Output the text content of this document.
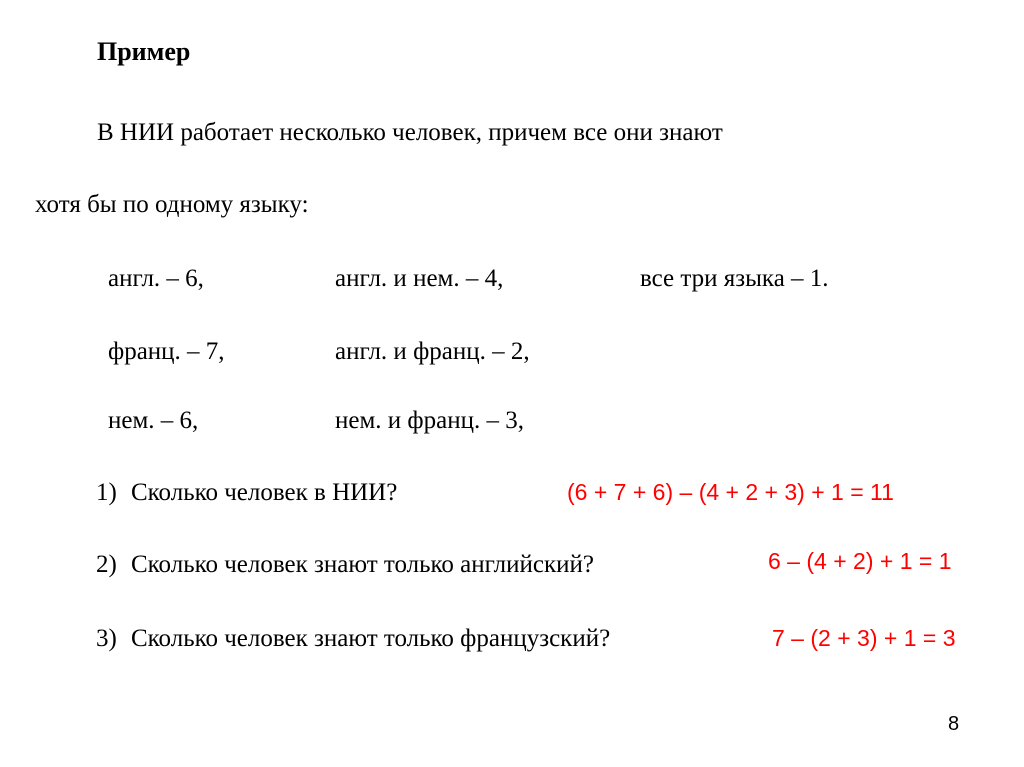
Пример
В НИИ работает несколько человек, причем все они знают
хотя бы по одному языку:
англ. – 6,	англ. и нем. – 4,	все три языка – 1.
франц. – 7,	англ. и франц. – 2,
нем. – 6,	нем. и франц. – 3,
1) Сколько человек в НИИ?	(6 + 7 + 6) – (4 + 2 + 3) + 1 = 11
2) Сколько человек знают только английский?	6 – (4 + 2) + 1 = 1
3) Сколько человек знают только французский?	7 – (2 + 3) + 1 = 3
8
